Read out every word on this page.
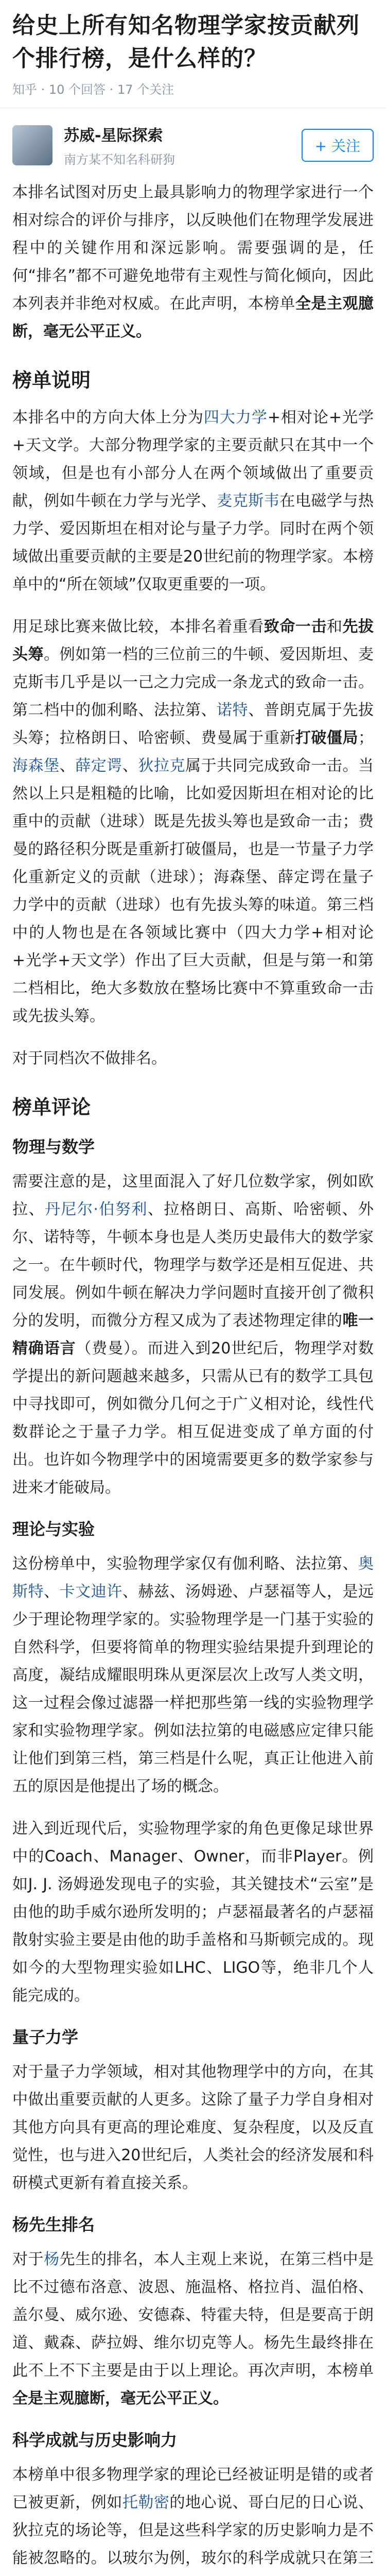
给史上所有知名物理学家按贡献列个排行榜，是什么样的？
知乎 · 10 个回答 · 17 个关注
苏威-星际探索
南方某不知名科研狗
+ 关注

本排名试图对历史上最具影响力的物理学家进行一个相对综合的评价与排序，以反映他们在物理学发展进程中的关键作用和深远影响。需要强调的是，任何“排名”都不可避免地带有主观性与简化倾向，因此本列表并非绝对权威。在此声明，本榜单全是主观臆断，毫无公平正义。

榜单说明

本排名中的方向大体上分为四大力学+相对论+光学+天文学。大部分物理学家的主要贡献只在其中一个领域，但是也有小部分人在两个领域做出了重要贡献，例如牛顿在力学与光学、麦克斯韦在电磁学与热力学、爱因斯坦在相对论与量子力学。同时在两个领域做出重要贡献的主要是20世纪前的物理学家。本榜单中的“所在领域”仅取更重要的一项。

用足球比赛来做比较，本排名着重看致命一击和先拔头筹。例如第一档的三位前三的牛顿、爱因斯坦、麦克斯韦几乎是以一己之力完成一条龙式的致命一击。第二档中的伽利略、法拉第、诺特、普朗克属于先拔头筹；拉格朗日、哈密顿、费曼属于重新打破僵局；海森堡、薛定谔、狄拉克属于共同完成致命一击。当然以上只是粗糙的比喻，比如爱因斯坦在相对论的比重中的贡献（进球）既是先拔头筹也是致命一击；费曼的路径积分既是重新打破僵局，也是一节量子力学化重新定义的贡献（进球）；海森堡、薛定谔在量子力学中的贡献（进球）也有先拔头筹的味道。第三档中的人物也是在各领域比赛中（四大力学+相对论+光学+天文学）作出了巨大贡献，但是与第一和第二档相比，绝大多数放在整场比赛中不算重致命一击或先拔头筹。

对于同档次不做排名。

榜单评论
物理与数学

需要注意的是，这里面混入了好几位数学家，例如欧拉、丹尼尔·伯努利、拉格朗日、高斯、哈密顿、外尔、诺特等，牛顿本身也是人类历史最伟大的数学家之一。在牛顿时代，物理学与数学还是相互促进、共同发展。例如牛顿在解决力学问题时直接开创了微积分的发明，而微分方程又成为了表述物理定律的唯一精确语言（费曼）。而进入到20世纪后，物理学对数学提出的新问题越来越多，只需从已有的数学工具包中寻找即可，例如微分几何之于广义相对论，线性代数群论之于量子力学。相互促进变成了单方面的付出。也许如今物理学中的困境需要更多的数学家参与进来才能破局。

理论与实验

这份榜单中，实验物理学家仅有伽利略、法拉第、奥斯特、卡文迪许、赫兹、汤姆逊、卢瑟福等人，是远少于理论物理学家的。实验物理学是一门基于实验的自然科学，但要将简单的物理实验结果提升到理论的高度，凝结成耀眼明珠从更深层次上改写人类文明，这一过程会像过滤器一样把那些第一线的实验物理学家和实验物理学家。例如法拉第的电磁感应定律只能让他们到第三档，第三档是什么呢，真正让他进入前五的原因是他提出了场的概念。

进入到近现代后，实验物理学家的角色更像足球世界中的Coach、Manager、Owner，而非Player。例如J. J. 汤姆逊发现电子的实验，其关键技术“云室”是由他的助手威尔逊所发明的；卢瑟福最著名的卢瑟福散射实验主要是由他的助手盖格和马斯顿完成的。现如今的大型物理实验如LHC、LIGO等，绝非几个人能完成的。

量子力学

对于量子力学领域，相对其他物理学中的方向，在其中做出重要贡献的人更多。这除了量子力学自身相对其他方向具有更高的理论难度、复杂程度，以及反直觉性，也与进入20世纪后，人类社会的经济发展和科研模式更新有着直接关系。

杨先生排名

对于杨先生的排名，本人主观上来说，在第三档中是比不过德布洛意、波恩、施温格、格拉肖、温伯格、盖尔曼、威尔逊、安德森、特霍夫特，但是要高于朗道、戴森、萨拉姆、维尔切克等人。杨先生最终排在此不上不下主要是由于以上理论。再次声明，本榜单全是主观臆断，毫无公平正义。

科学成就与历史影响力

本榜单中很多物理学家的理论已经被证明是错的或者已被更新，例如托勒密的地心说、哥白尼的日心说、狄拉克的场论等，但是这些科学家的历史影响力是不能被忽略的。以玻尔为例，玻尔的科学成就只在第三
